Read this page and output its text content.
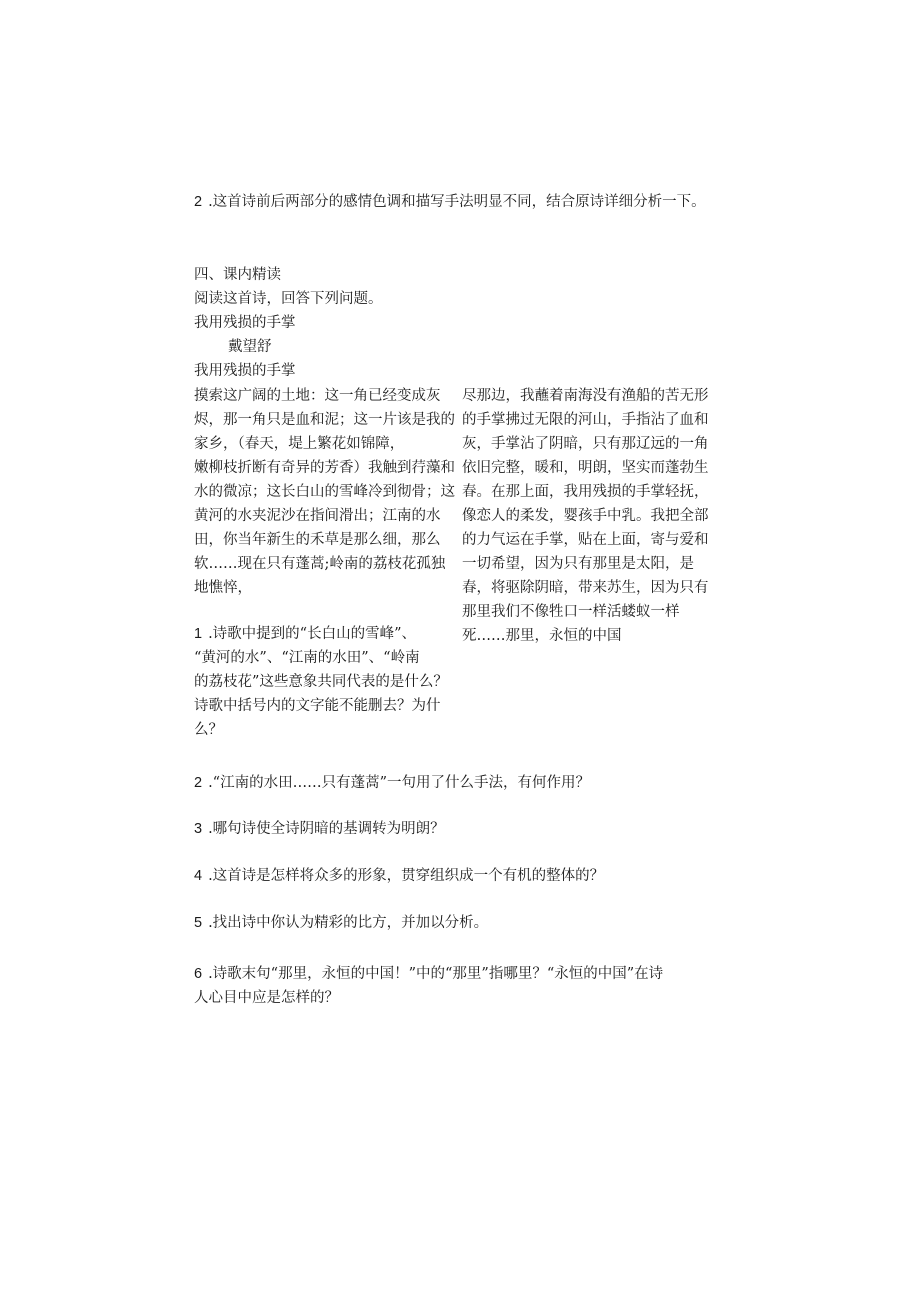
2 .这首诗前后两部分的感情色调和描写手法明显不同，结合原诗详细分析一下。
四、课内精读
阅读这首诗，回答下列问题。
我用残损的手掌
戴望舒
我用残损的手掌
摸索这广阔的土地：这一角已经变成灰
烬，那一角只是血和泥；这一片该是我的
家乡，（春天，堤上繁花如锦障，
嫩柳枝折断有奇异的芳香）我触到荇藻和
水的微凉；这长白山的雪峰冷到彻骨；这
黄河的水夹泥沙在指间滑出；江南的水
田，你当年新生的禾草是那么细，那么
软……现在只有蓬蒿;岭南的荔枝花孤独
地憔悴，
尽那边，我蘸着南海没有渔船的苦无形
的手掌拂过无限的河山，手指沾了血和
灰，手掌沾了阴暗，只有那辽远的一角
依旧完整，暖和，明朗，坚实而蓬勃生
春。在那上面，我用残损的手掌轻抚，
像恋人的柔发，婴孩手中乳。我把全部
的力气运在手掌，贴在上面，寄与爱和
一切希望，因为只有那里是太阳，是
春，将驱除阴暗，带来苏生，因为只有
那里我们不像牲口一样活蝼蚁一样
死……那里，永恒的中国
1 .诗歌中提到的“长白山的雪峰”、
“黄河的水”、“江南的水田”、“岭南
的荔枝花”这些意象共同代表的是什么？
诗歌中括号内的文字能不能删去？为什
么？
2 .“江南的水田……只有蓬蒿”一句用了什么手法，有何作用？
3 .哪句诗使全诗阴暗的基调转为明朗？
4 .这首诗是怎样将众多的形象，贯穿组织成一个有机的整体的？
5 .找出诗中你认为精彩的比方，并加以分析。
6 .诗歌末句“那里，永恒的中国！”中的“那里”指哪里？“永恒的中国”在诗
人心目中应是怎样的？
